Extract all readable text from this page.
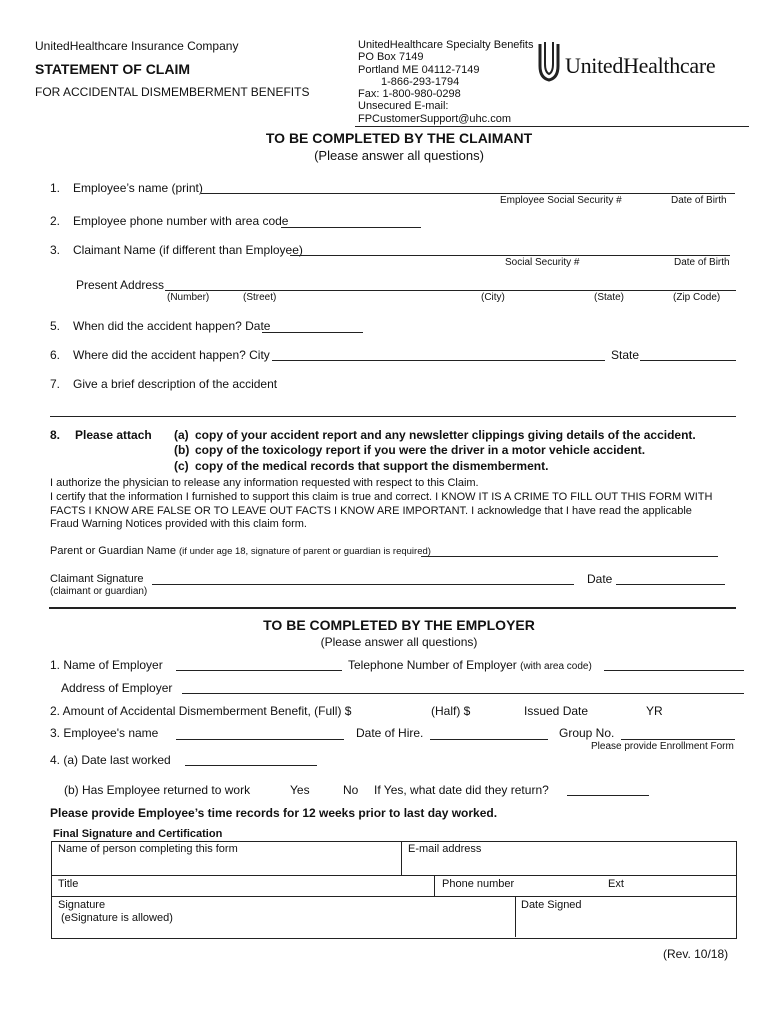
UnitedHealthcare Insurance Company
STATEMENT OF CLAIM
FOR ACCIDENTAL DISMEMBERMENT BENEFITS
UnitedHealthcare Specialty Benefits
PO Box 7149
Portland ME 04112-7149
1-866-293-1794
Fax: 1-800-980-0298
Unsecured E-mail:
FPCustomerSupport@uhc.com
UnitedHealthcare
TO BE COMPLETED BY THE CLAIMANT
(Please answer all questions)
1. Employee’s name (print)
Employee Social Security #	Date of Birth
2. Employee phone number with area code
3. Claimant Name (if different than Employee)
Social Security #	Date of Birth
Present Address
(Number)	(Street)	(City)	(State)	(Zip Code)
5. When did the accident happen? Date
6. Where did the accident happen? City	State
7. Give a brief description of the accident
8. Please attach (a) copy of your accident report and any newsletter clippings giving details of the accident.
(b) copy of the toxicology report if you were the driver in a motor vehicle accident.
(c) copy of the medical records that support the dismemberment.
I authorize the physician to release any information requested with respect to this Claim.
I certify that the information I furnished to support this claim is true and correct. I KNOW IT IS A CRIME TO FILL OUT THIS FORM WITH
FACTS I KNOW ARE FALSE OR TO LEAVE OUT FACTS I KNOW ARE IMPORTANT. I acknowledge that I have read the applicable
Fraud Warning Notices provided with this claim form.
Parent or Guardian Name (if under age 18, signature of parent or guardian is required)
Claimant Signature
(claimant or guardian)
Date
TO BE COMPLETED BY THE EMPLOYER
(Please answer all questions)
1. Name of Employer	Telephone Number of Employer (with area code)
Address of Employer
2. Amount of Accidental Dismemberment Benefit, (Full) $	(Half) $	Issued Date	YR
3. Employee's name	Date of Hire.	Group No.
Please provide Enrollment Form
4. (a) Date last worked
(b) Has Employee returned to work	Yes	No If Yes, what date did they return?
Please provide Employee’s time records for 12 weeks prior to last day worked.
Final Signature and Certification
Name of person completing this form	E-mail address
Title	Phone number	Ext
Signature
(eSignature is allowed)
Date Signed
(Rev. 10/18)
